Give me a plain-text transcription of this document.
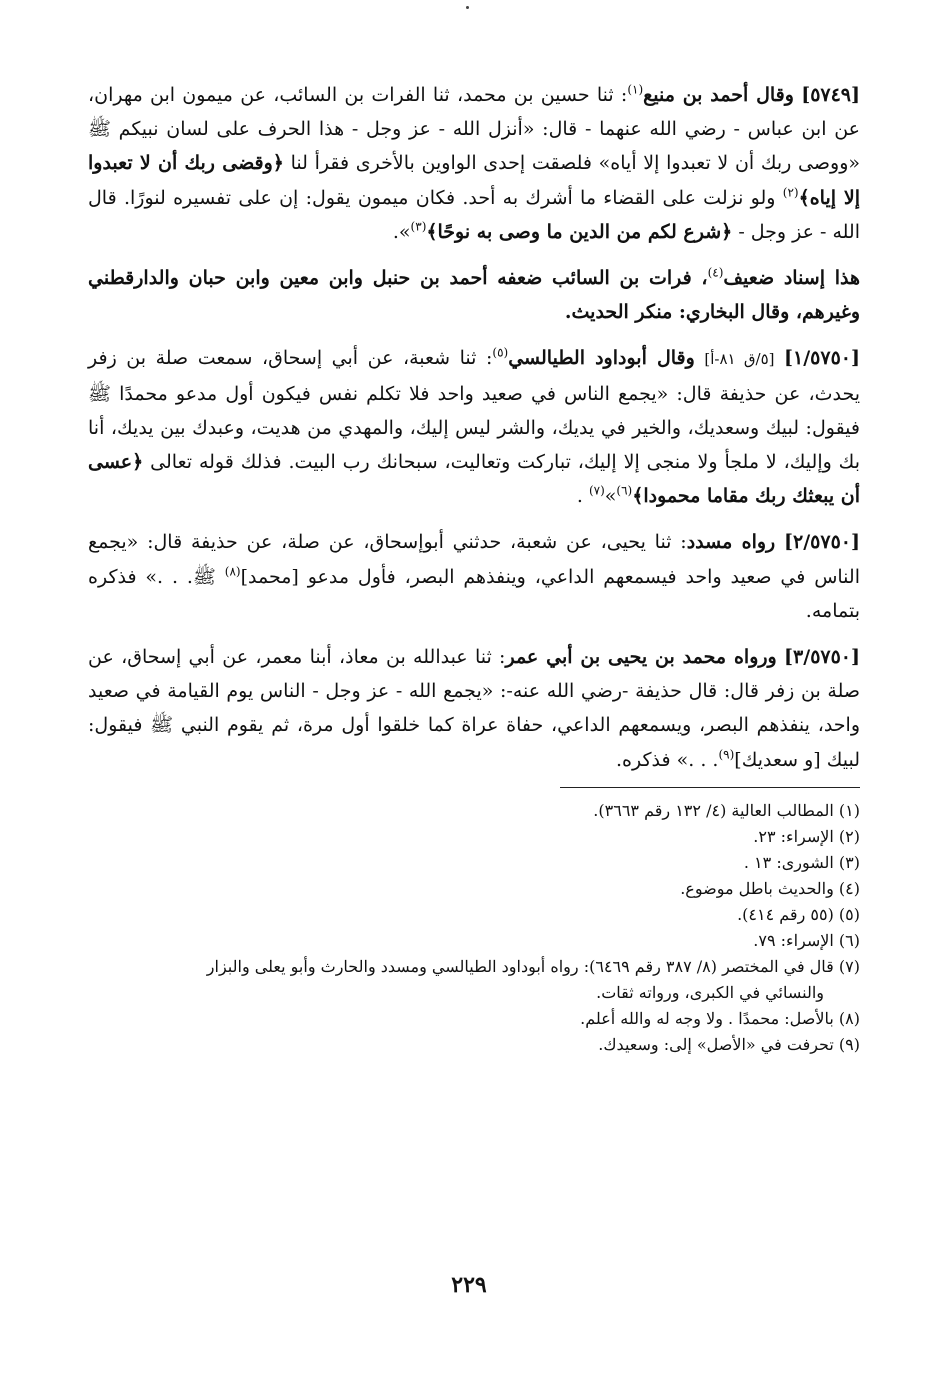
[٥٧٤٩] وقال أحمد بن منيع$^{(١)}$: ثنا حسين بن محمد، ثنا الفرات بن السائب، عن ميمون ابن مهران، عن ابن عباس - رضي الله عنهما - قال: «أنزل الله - عز وجل - هذا الحرف على لسان نبيكم ﷺ «ووصى ربك أن لا تعبدوا إلا أياه» فلصقت إحدى الواوين بالأخرى فقرأ لنا ﴿وقضى ربك أن لا تعبدوا إلا إياه﴾$^{(٢)}$ ولو نزلت على القضاء ما أشرك به أحد. فكان ميمون يقول: إن على تفسيره لنورًا. قال الله - عز وجل - ﴿شرع لكم من الدين ما وصى به نوحًا﴾$^{(٣)}$».

هذا إسناد ضعيف$^{(٤)}$، فرات بن السائب ضعفه أحمد بن حنبل وابن معين وابن حبان والدارقطني وغيرهم، وقال البخاري: منكر الحديث.

[١/٥٧٥٠] [٥/ق ٨١-أ] وقال أبوداود الطيالسي$^{(٥)}$: ثنا شعبة، عن أبي إسحاق، سمعت صلة بن زفر يحدث، عن حذيفة قال: «يجمع الناس في صعيد واحد فلا تكلم نفس فيكون أول مدعو محمدًا ﷺ فيقول: لبيك وسعديك، والخير في يديك، والشر ليس إليك، والمهدي من هديت، وعبدك بين يديك، أنا بك وإليك، لا ملجأ ولا منجى إلا إليك، تباركت وتعاليت، سبحانك رب البيت. فذلك قوله تعالى ﴿عسى أن يبعثك ربك مقاما محمودا﴾$^{(٦)}$»$^{(٧)}$ .

[٢/٥٧٥٠] رواه مسدد: ثنا يحيى، عن شعبة، حدثني أبوإسحاق، عن صلة، عن حذيفة قال: «يجمع الناس في صعيد واحد فيسمعهم الداعي، وينفذهم البصر، فأول مدعو [محمد]$^{(٨)}$ ﷺ. . .» فذكره بتمامه.

[٣/٥٧٥٠] ورواه محمد بن يحيى بن أبي عمر: ثنا عبدالله بن معاذ، أبنا معمر، عن أبي إسحاق، عن صلة بن زفر قال: قال حذيفة -رضي الله عنه-: «يجمع الله - عز وجل - الناس يوم القيامة في صعيد واحد، ينفذهم البصر، ويسمعهم الداعي، حفاة عراة كما خلقوا أول مرة، ثم يقوم النبي ﷺ فيقول: لبيك [و سعديك]$^{(٩)}$. . .» فذكره.

(١) المطالب العالية (٤/ ١٣٢ رقم ٣٦٦٣).

(٢) الإسراء: ٢٣.

(٣) الشورى: ١٣ .

(٤) والحديث باطل موضوع.

(٥) (٥٥ رقم ٤١٤).

(٦) الإسراء: ٧٩.

(٧) قال في المختصر (٨/ ٣٨٧ رقم ٦٤٦٩): رواه أبوداود الطيالسي ومسدد والحارث وأبو يعلى والبزار
والنسائي في الكبرى، ورواته ثقات.

(٨) بالأصل: محمدًا . ولا وجه له والله أعلم.

(٩) تحرفت في «الأصل» إلى: وسعيدك.

٢٢٩
